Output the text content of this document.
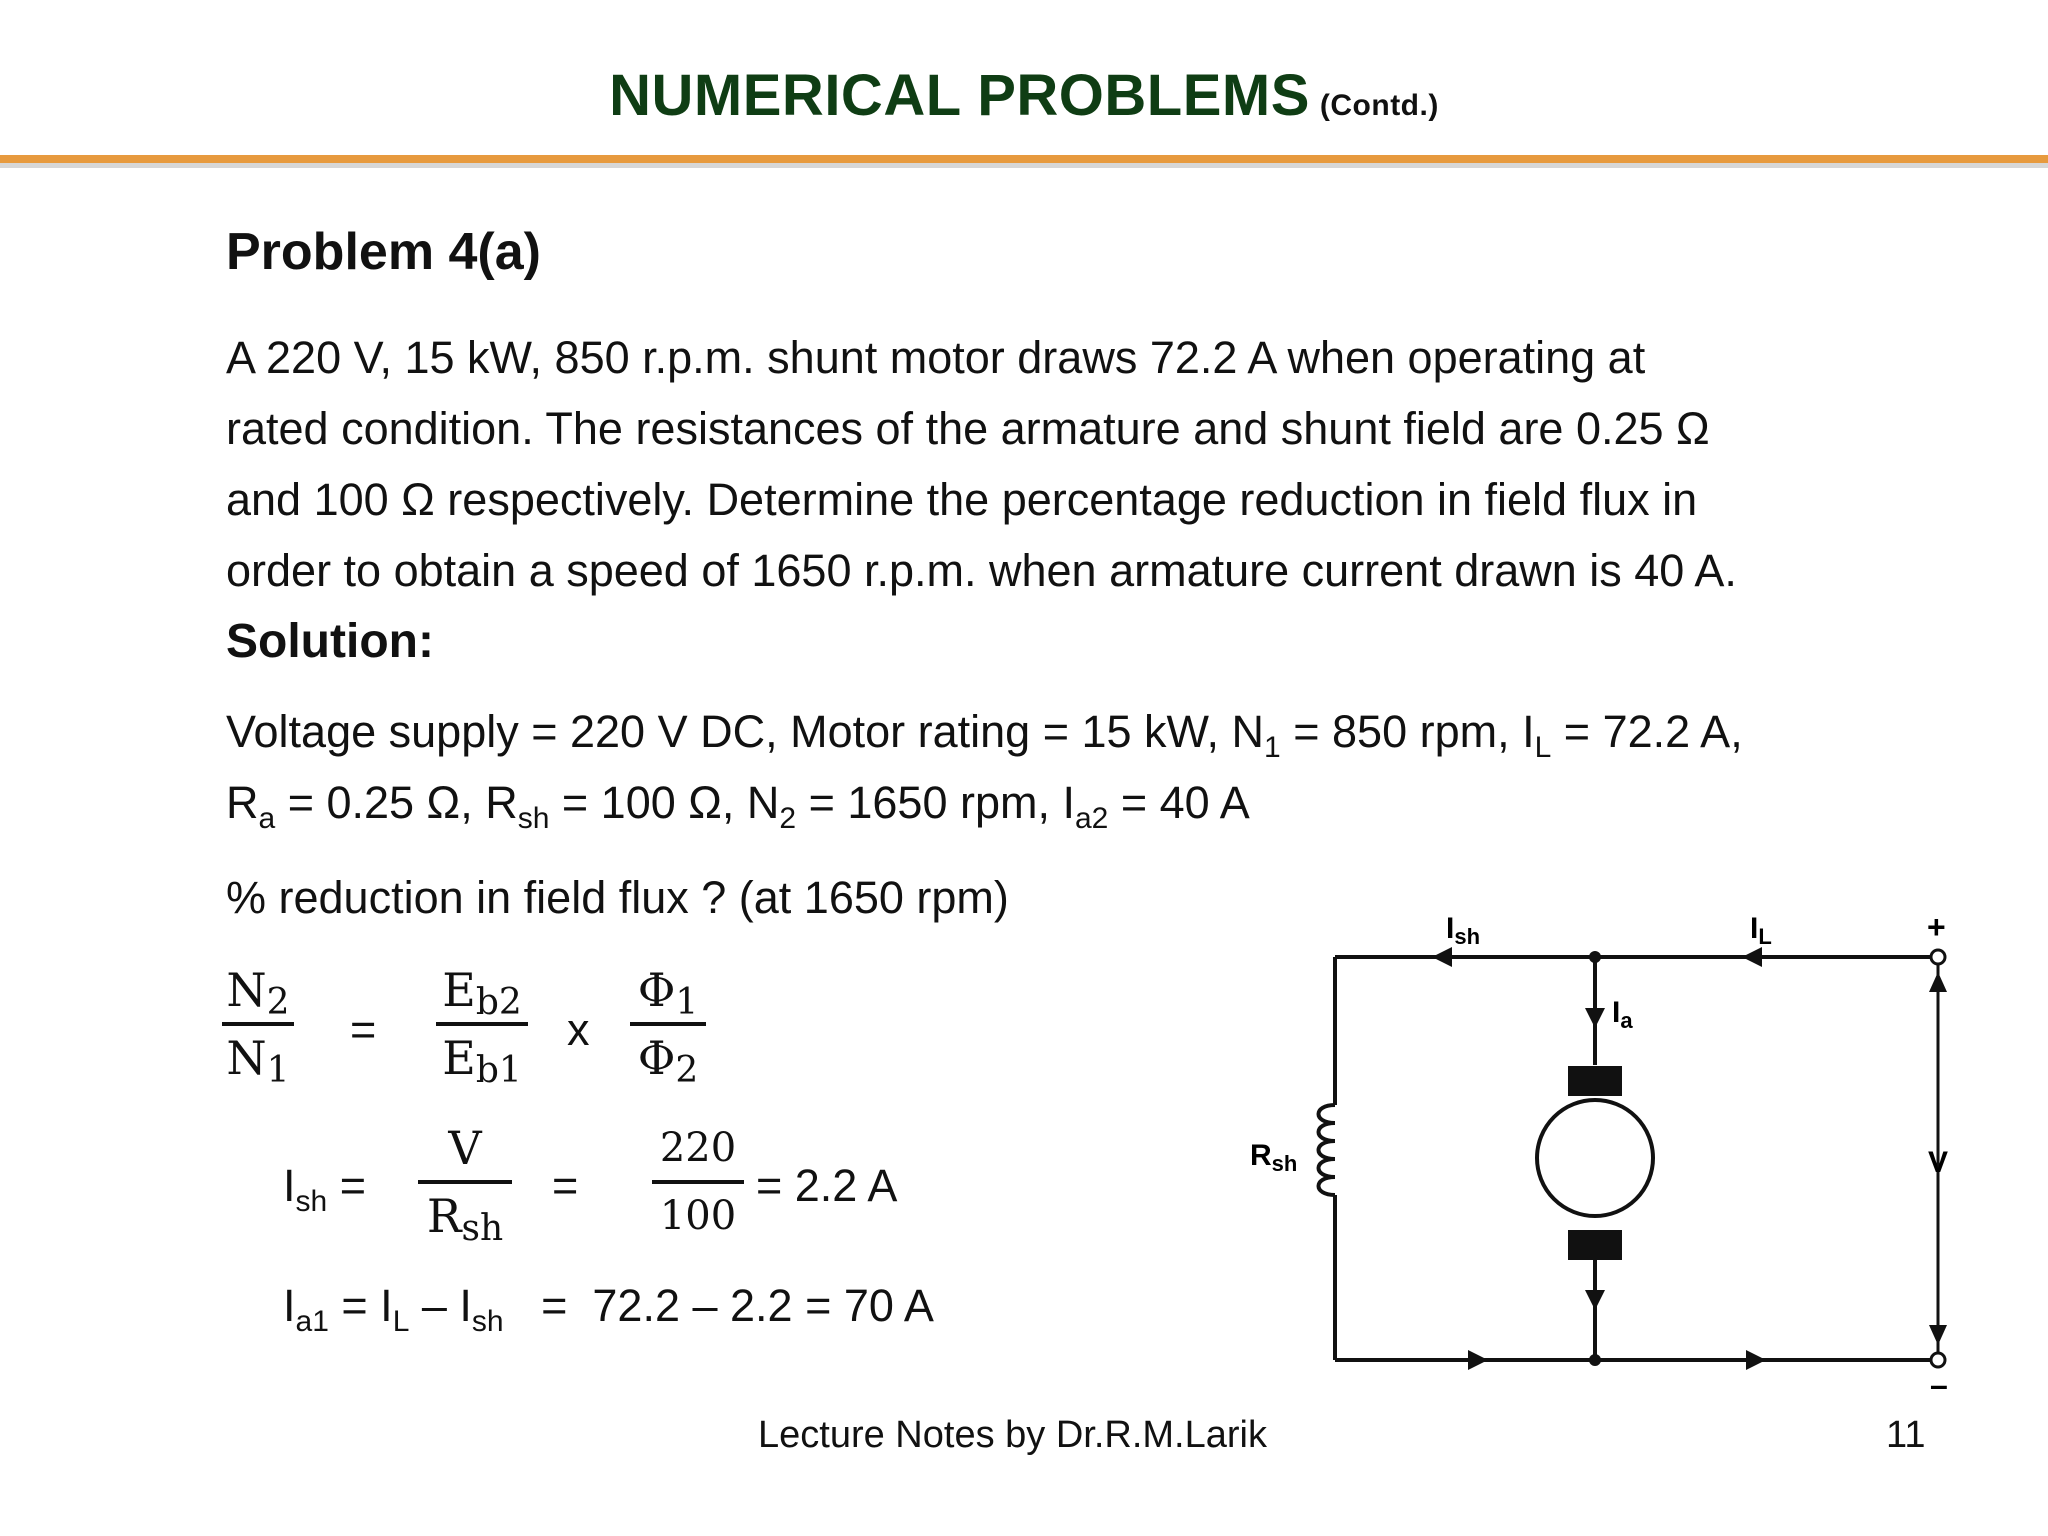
NUMERICAL PROBLEMS (Contd.)
Problem 4(a)
A 220 V, 15 kW, 850 r.p.m. shunt motor draws 72.2 A when operating at
rated condition. The resistances of the armature and shunt field are 0.25 Ω
and 100 Ω respectively. Determine the percentage reduction in field flux in
order to obtain a speed of 1650 r.p.m. when armature current drawn is 40 A.
Solution:
Voltage supply = 220 V DC, Motor rating = 15 kW, $N_1 = 850$ rpm, $I_L = 72.2$ A,
$R_a = 0.25$ Ω, $R_{sh} = 100$ Ω, $N_2 = 1650$ rpm, $I_{a2} = 40$ A
% reduction in field flux ? (at 1650 rpm)
$N_2$
$N_1$
=
$E_{b2}$
$E_{b1}$
x
$\Phi_1$
$\Phi_2$
$I_{sh}$ =
V
$R_{sh}$
=
220
100
= 2.2 A
$I_{a1} = I_L - I_{sh} = 72.2 - 2.2 = 70$ A
$I_{sh}$	$I_L$
$I_a$
$R_{sh}$	V
+
–
Lecture Notes by Dr.R.M.Larik	11
